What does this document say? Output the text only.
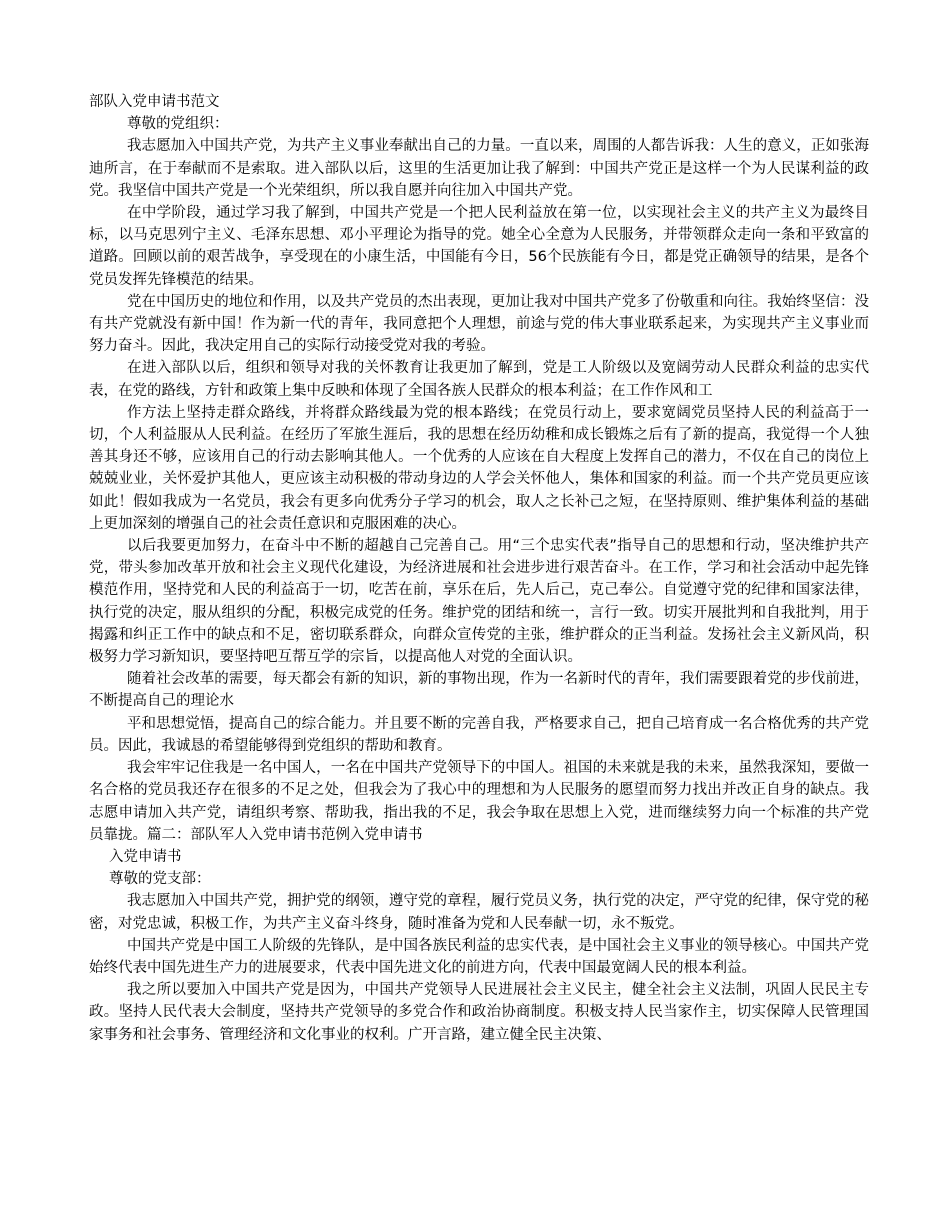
部队入党申请书范文

尊敬的党组织：

我志愿加入中国共产党，为共产主义事业奉献出自己的力量。一直以来，周围的人都告诉我：人生的意义，正如张海迪所言，在于奉献而不是索取。进入部队以后，这里的生活更加让我了解到：中国共产党正是这样一个为人民谋利益的政党。我坚信中国共产党是一个光荣组织，所以我自愿并向往加入中国共产党。

在中学阶段，通过学习我了解到，中国共产党是一个把人民利益放在第一位，以实现社会主义的共产主义为最终目标，以马克思列宁主义、毛泽东思想、邓小平理论为指导的党。她全心全意为人民服务，并带领群众走向一条和平致富的道路。回顾以前的艰苦战争，享受现在的小康生活，中国能有今日，56个民族能有今日，都是党正确领导的结果，是各个党员发挥先锋模范的结果。

党在中国历史的地位和作用，以及共产党员的杰出表现，更加让我对中国共产党多了份敬重和向往。我始终坚信：没有共产党就没有新中国！作为新一代的青年，我同意把个人理想，前途与党的伟大事业联系起来，为实现共产主义事业而努力奋斗。因此，我决定用自己的实际行动接受党对我的考验。

在进入部队以后，组织和领导对我的关怀教育让我更加了解到，党是工人阶级以及宽阔劳动人民群众利益的忠实代表，在党的路线，方针和政策上集中反映和体现了全国各族人民群众的根本利益；在工作作风和工

作方法上坚持走群众路线，并将群众路线最为党的根本路线；在党员行动上，要求宽阔党员坚持人民的利益高于一切，个人利益服从人民利益。在经历了军旅生涯后，我的思想在经历幼稚和成长锻炼之后有了新的提高，我觉得一个人独善其身还不够，应该用自己的行动去影响其他人。一个优秀的人应该在自大程度上发挥自己的潜力，不仅在自己的岗位上兢兢业业，关怀爱护其他人，更应该主动积极的带动身边的人学会关怀他人，集体和国家的利益。而一个共产党员更应该如此！假如我成为一名党员，我会有更多向优秀分子学习的机会，取人之长补己之短，在坚持原则、维护集体利益的基础上更加深刻的增强自己的社会责任意识和克服困难的决心。

以后我要更加努力，在奋斗中不断的超越自己完善自己。用“三个忠实代表”指导自己的思想和行动，坚决维护共产党，带头参加改革开放和社会主义现代化建设，为经济进展和社会进步进行艰苦奋斗。在工作，学习和社会活动中起先锋模范作用，坚持党和人民的利益高于一切，吃苦在前，享乐在后，先人后己，克己奉公。自觉遵守党的纪律和国家法律，执行党的决定，服从组织的分配，积极完成党的任务。维护党的团结和统一，言行一致。切实开展批判和自我批判，用于揭露和纠正工作中的缺点和不足，密切联系群众，向群众宣传党的主张，维护群众的正当利益。发扬社会主义新风尚，积极努力学习新知识，要坚持吧互帮互学的宗旨，以提高他人对党的全面认识。

随着社会改革的需要，每天都会有新的知识，新的事物出现，作为一名新时代的青年，我们需要跟着党的步伐前进，不断提高自己的理论水

平和思想觉悟，提高自己的综合能力。并且要不断的完善自我，严格要求自己，把自己培育成一名合格优秀的共产党员。因此，我诚恳的希望能够得到党组织的帮助和教育。

我会牢牢记住我是一名中国人，一名在中国共产党领导下的中国人。祖国的未来就是我的未来，虽然我深知，要做一名合格的党员我还存在很多的不足之处，但我会为了我心中的理想和为人民服务的愿望而努力找出并改正自身的缺点。我志愿申请加入共产党，请组织考察、帮助我，指出我的不足，我会争取在思想上入党，进而继续努力向一个标准的共产党员靠拢。篇二：部队军人入党申请书范例入党申请书

入党申请书

尊敬的党支部：

我志愿加入中国共产党，拥护党的纲领，遵守党的章程，履行党员义务，执行党的决定，严守党的纪律，保守党的秘密，对党忠诚，积极工作，为共产主义奋斗终身，随时准备为党和人民奉献一切，永不叛党。

中国共产党是中国工人阶级的先锋队，是中国各族民利益的忠实代表，是中国社会主义事业的领导核心。中国共产党始终代表中国先进生产力的进展要求，代表中国先进文化的前进方向，代表中国最宽阔人民的根本利益。

我之所以要加入中国共产党是因为，中国共产党领导人民进展社会主义民主，健全社会主义法制，巩固人民民主专政。坚持人民代表大会制度，坚持共产党领导的多党合作和政治协商制度。积极支持人民当家作主，切实保障人民管理国家事务和社会事务、管理经济和文化事业的权利。广开言路，建立健全民主决策、
